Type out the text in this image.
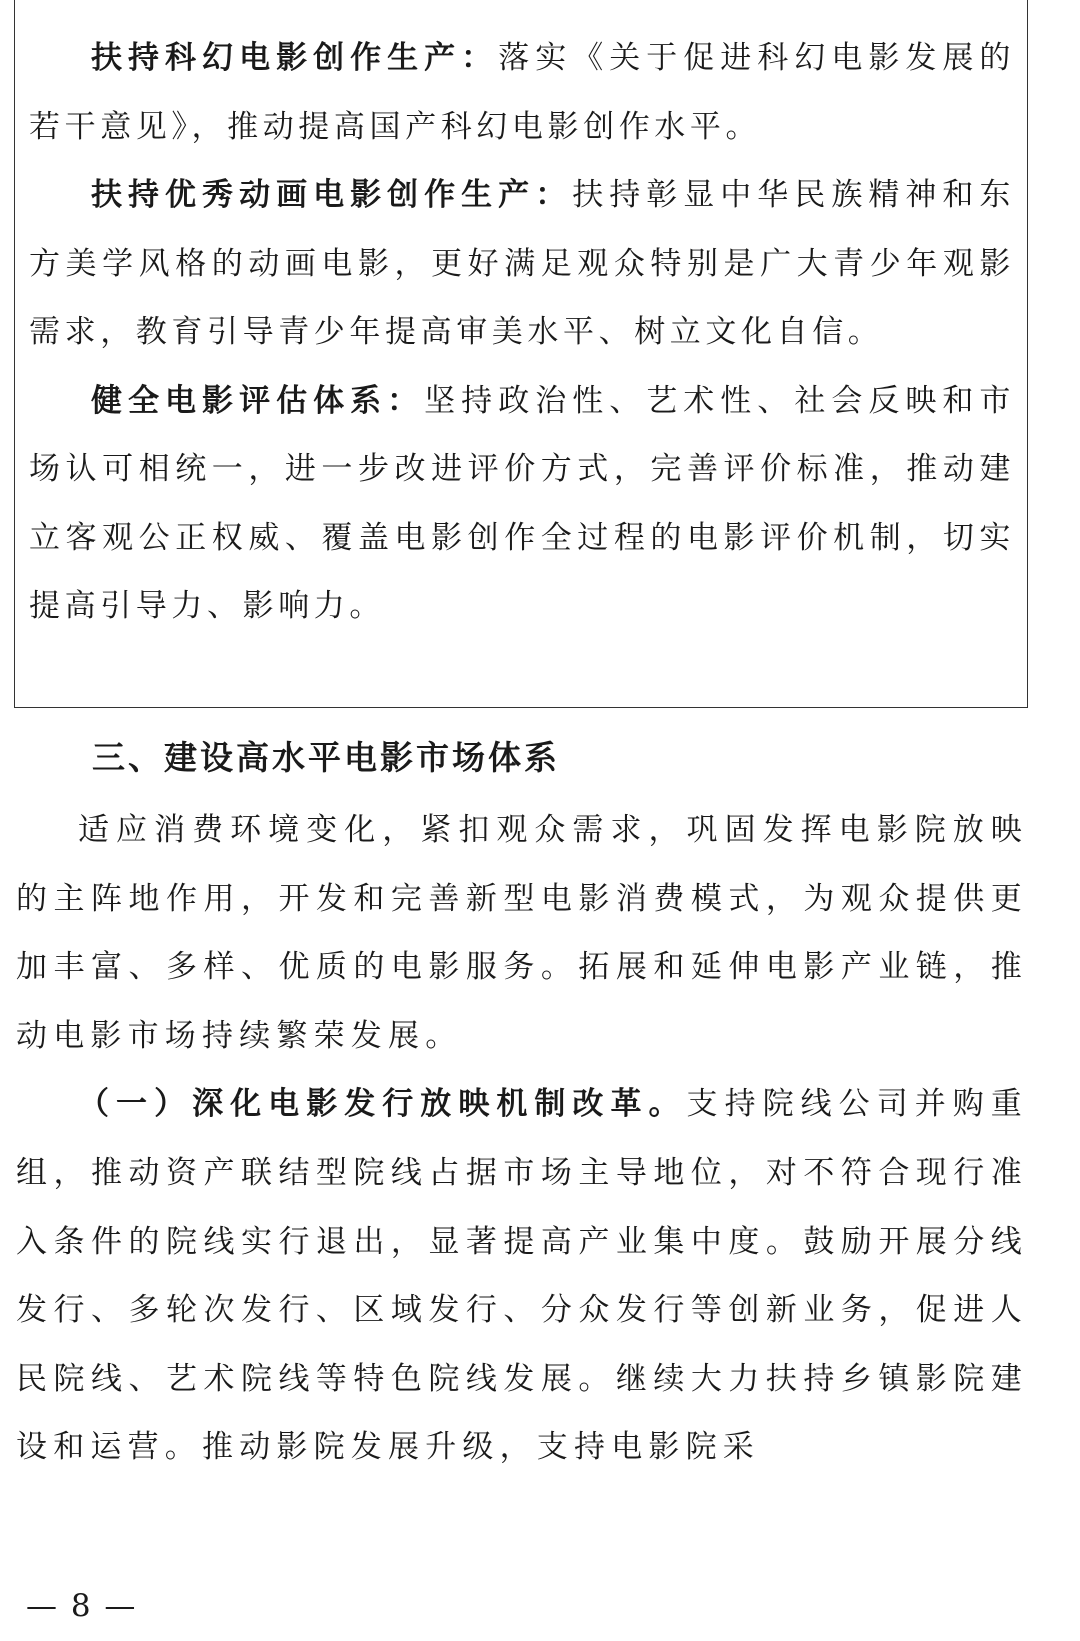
扶持科幻电影创作生产：落实《关于促进科幻电影发展的若干意见》，推动提高国产科幻电影创作水平。

扶持优秀动画电影创作生产：扶持彰显中华民族精神和东方美学风格的动画电影，更好满足观众特别是广大青少年观影需求，教育引导青少年提高审美水平、树立文化自信。

健全电影评估体系：坚持政治性、艺术性、社会反映和市场认可相统一，进一步改进评价方式，完善评价标准，推动建立客观公正权威、覆盖电影创作全过程的电影评价机制，切实提高引导力、影响力。

三、建设高水平电影市场体系

适应消费环境变化，紧扣观众需求，巩固发挥电影院放映的主阵地作用，开发和完善新型电影消费模式，为观众提供更加丰富、多样、优质的电影服务。拓展和延伸电影产业链，推动电影市场持续繁荣发展。

（一）深化电影发行放映机制改革。支持院线公司并购重组，推动资产联结型院线占据市场主导地位，对不符合现行准入条件的院线实行退出，显著提高产业集中度。鼓励开展分线发行、多轮次发行、区域发行、分众发行等创新业务，促进人民院线、艺术院线等特色院线发展。继续大力扶持乡镇影院建设和运营。推动影院发展升级，支持电影院采

— 8 —
